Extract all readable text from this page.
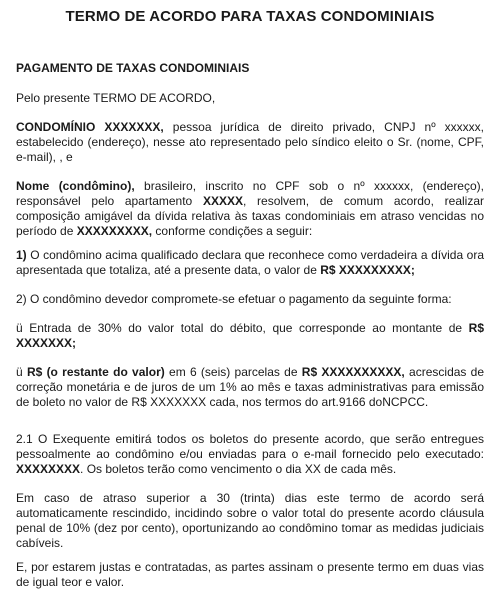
TERMO DE ACORDO PARA TAXAS CONDOMINIAIS

PAGAMENTO DE TAXAS CONDOMINIAIS

Pelo presente TERMO DE ACORDO,

CONDOMÍNIO XXXXXXX, pessoa jurídica de direito privado, CNPJ nº xxxxxx, estabelecido (endereço), nesse ato representado pelo síndico eleito o Sr. (nome, CPF, e-mail), , e

Nome (condômino), brasileiro, inscrito no CPF sob o nº xxxxxx, (endereço), responsável pelo apartamento XXXXX, resolvem, de comum acordo, realizar composição amigável da dívida relativa às taxas condominiais em atraso vencidas no período de XXXXXXXXX, conforme condições a seguir:

1) O condômino acima qualificado declara que reconhece como verdadeira a dívida ora apresentada que totaliza, até a presente data, o valor de R$ XXXXXXXXX;

2) O condômino devedor compromete-se efetuar o pagamento da seguinte forma:

ü Entrada de 30% do valor total do débito, que corresponde ao montante de R$ XXXXXXX;

ü R$ (o restante do valor) em 6 (seis) parcelas de R$ XXXXXXXXXX, acrescidas de correção monetária e de juros de um 1% ao mês e taxas administrativas para emissão de boleto no valor de R$ XXXXXXX cada, nos termos do art.9166 doNCPCC.

2.1 O Exequente emitirá todos os boletos do presente acordo, que serão entregues pessoalmente ao condômino e/ou enviadas para o e-mail fornecido pelo executado: XXXXXXXX. Os boletos terão como vencimento o dia XX de cada mês.

Em caso de atraso superior a 30 (trinta) dias este termo de acordo será automaticamente rescindido, incidindo sobre o valor total do presente acordo cláusula penal de 10% (dez por cento), oportunizando ao condômino tomar as medidas judiciais cabíveis.

E, por estarem justas e contratadas, as partes assinam o presente termo em duas vias de igual teor e valor.
